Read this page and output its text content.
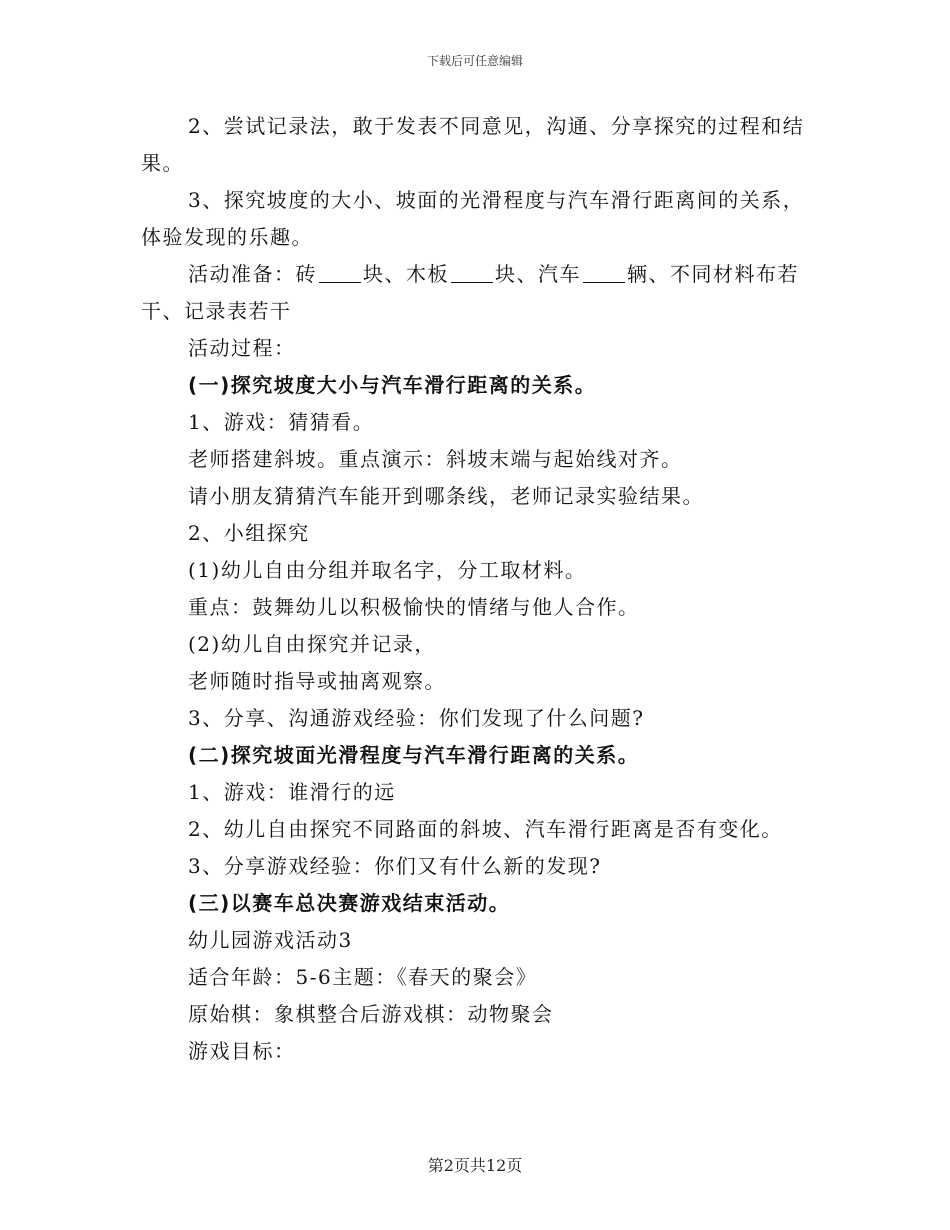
下载后可任意编辑

2、尝试记录法，敢于发表不同意见，沟通、分享探究的过程和结果。

3、探究坡度的大小、坡面的光滑程度与汽车滑行距离间的关系，体验发现的乐趣。

活动准备：砖 块、木板 块、汽车 辆、不同材料布若干、记录表若干

活动过程：

(一)探究坡度大小与汽车滑行距离的关系。

1、游戏：猜猜看。

老师搭建斜坡。重点演示：斜坡末端与起始线对齐。

请小朋友猜猜汽车能开到哪条线，老师记录实验结果。

2、小组探究

(1)幼儿自由分组并取名字，分工取材料。

重点：鼓舞幼儿以积极愉快的情绪与他人合作。

(2)幼儿自由探究并记录，

老师随时指导或抽离观察。

3、分享、沟通游戏经验：你们发现了什么问题?

(二)探究坡面光滑程度与汽车滑行距离的关系。

1、游戏：谁滑行的远

2、幼儿自由探究不同路面的斜坡、汽车滑行距离是否有变化。

3、分享游戏经验：你们又有什么新的发现?

(三)以赛车总决赛游戏结束活动。

幼儿园游戏活动3

适合年龄：5-6主题：《春天的聚会》

原始棋：象棋整合后游戏棋：动物聚会

游戏目标：

第2页共12页
